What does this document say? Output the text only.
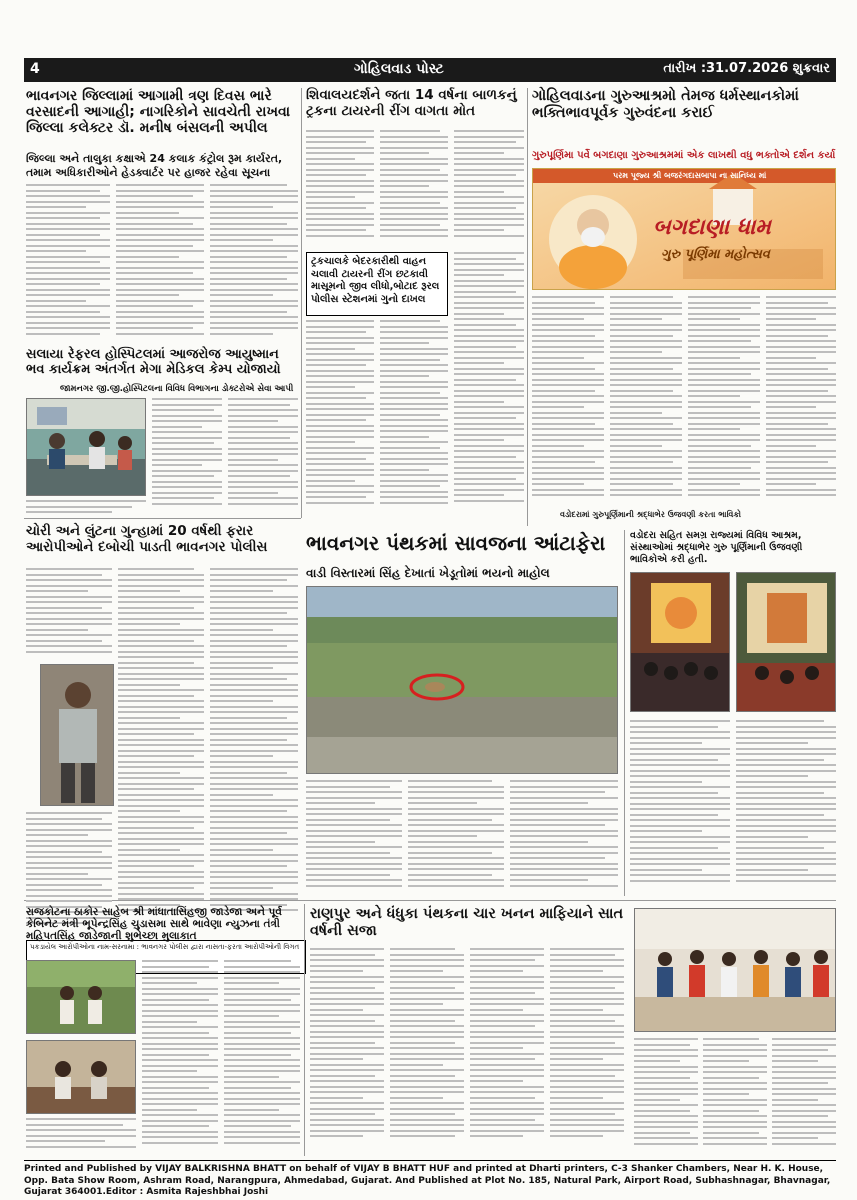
4	ગોહિલવાડ પોસ્ટ	તારીખ :31.07.2026 શુક્રવાર
ભાવનગર જિલ્લામાં આગામી ત્રણ દિવસ ભારે વરસાદની આગાહી; નાગરિકોને સાવચેતી રાખવા જિલ્લા કલેક્ટર ડૉ. મનીષ બંસલની અપીલ
જિલ્લા અને તાલુકા કક્ષાએ 24 કલાક કંટ્રોલ રૂમ કાર્યરત, તમામ અધિકારીઓને હેડક્વાર્ટર પર હાજર રહેવા સૂચના
સલાયા રેફરલ હોસ્પિટલમાં આજરોજ આયુષ્માન ભવ કાર્યક્રમ અંતર્ગત મેગા મેડિકલ કેમ્પ યોજાયો
જામનગર જી.જી.હોસ્પિટલના વિવિધ વિભાગના ડોક્ટરોએ સેવા આપી
શિવાલયદર્શને જતા 14 વર્ષના બાળકનું ટ્રકના ટાયરની રીંગ વાગતા મોત
ટ્રકચાલકે બેદરકારીથી વાહન ચલાવી ટાયરની રીંગ છટકાવી માસૂમનો જીવ લીધો,બોટાદ રૂરલ પોલીસ સ્ટેશનમાં ગુનો દાખલ
ગોહિલવાડના ગુરુઆશ્રમો તેમજ ધર્મસ્થાનકોમાં ભક્તિભાવપૂર્વક ગુરુવંદના કરાઈ
ગુરુપૂર્ણિમા પર્વે બગદાણા ગુરુઆશ્રમમાં એક લાખથી વધુ ભક્તોએ દર્શન કર્યા
પરમ પૂજ્ય શ્રી બજરંગદાસબાપા ના સાનિધ્ય માં
બગદાણા ધામ
ગુરુ પૂર્ણિમા મહોત્સવ
વડોદરામાં ગુરુપૂર્ણિમાની શ્રદ્ધાભેર ઉજવણી કરતા ભાવિકો
ચોરી અને લુંટના ગુન્હામાં 20 વર્ષથી ફરાર આરોપીઓને દબોચી પાડતી ભાવનગર પોલીસ
પકડાયેલ આરોપીઓના નામ-સરનામા : ભાવનગર પોલીસ દ્વારા નાસતા-ફરતા આરોપીઓની વિગત
ભાવનગર પંથકમાં સાવજના આંટાફેરા
વાડી વિસ્તારમાં સિંહ દેખાતાં ખેડૂતોમાં ભયનો માહોલ
વડોદરા સહિત સમગ્ર રાજ્યમાં વિવિધ આશ્રમ, સંસ્થાઓમાં શ્રદ્ધાભેર ગુરુ પૂર્ણિમાની ઉજવણી ભાવિકોએ કરી હતી.
રાજકોટના ઠાકોર સાહેબ શ્રી માંધાતાસિંહજી જાડેજા અને પૂર્વ કેબિનેટ મંત્રી ભૂપેન્દ્રસિંહ ચુડાસમા સાથે ભાવેણા ન્યુઝના તંત્રી મહિપતસિંહ જાડેજાની શુભેચ્છા મુલાકાત
રાણપુર અને ધંધુકા પંથકના ચાર ખનન માફિયાને સાત વર્ષની સજા
Printed and Published by VIJAY BALKRISHNA BHATT on behalf of VIJAY B BHATT HUF and printed at Dharti printers, C-3 Shanker Chambers, Near H. K. House, Opp. Bata Show Room, Ashram Road, Narangpura, Ahmedabad, Gujarat. And Published at Plot No. 185, Natural Park, Airport Road, Subhashnagar, Bhavnagar, Gujarat 364001.Editor : Asmita Rajeshbhai Joshi
